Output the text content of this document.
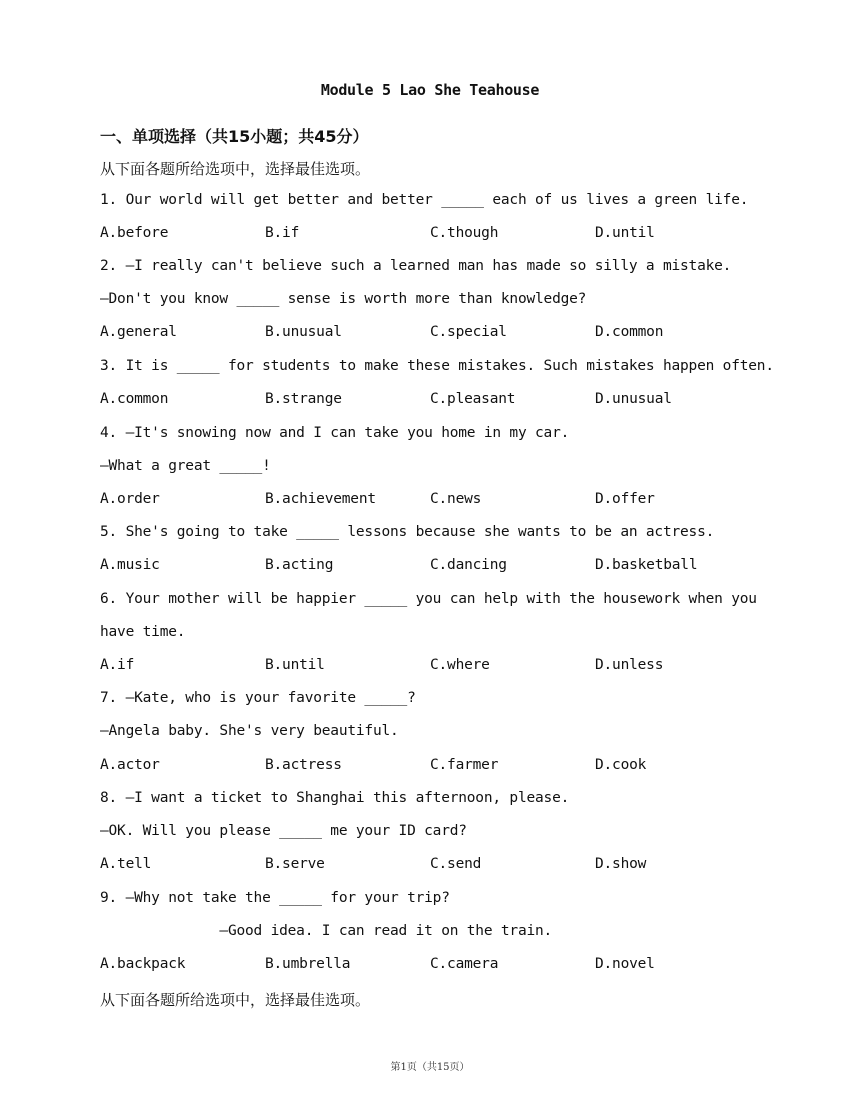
Module 5 Lao She Teahouse
一、单项选择（共15小题；共45分）
从下面各题所给选项中，选择最佳选项。
1. Our world will get better and better _____ each of us lives a green life.
A.before	B.if	C.though	D.until
2. —I really can't believe such a learned man has made so silly a mistake.
—Don't you know _____ sense is worth more than knowledge?
A.general	B.unusual	C.special	D.common
3. It is _____ for students to make these mistakes. Such mistakes happen often.
A.common	B.strange	C.pleasant	D.unusual
4. —It's snowing now and I can take you home in my car.
—What a great _____!
A.order	B.achievement	C.news	D.offer
5. She's going to take _____ lessons because she wants to be an actress.
A.music	B.acting	C.dancing	D.basketball
6. Your mother will be happier _____ you can help with the housework when you
have time.
A.if	B.until	C.where	D.unless
7. —Kate, who is your favorite _____?
—Angela baby. She's very beautiful.
A.actor	B.actress	C.farmer	D.cook
8. —I want a ticket to Shanghai this afternoon, please.
—OK. Will you please _____ me your ID card?
A.tell	B.serve	C.send	D.show
9. —Why not take the _____ for your trip?
—Good idea. I can read it on the train.
A.backpack	B.umbrella	C.camera	D.novel
从下面各题所给选项中，选择最佳选项。
第1页（共15页）
